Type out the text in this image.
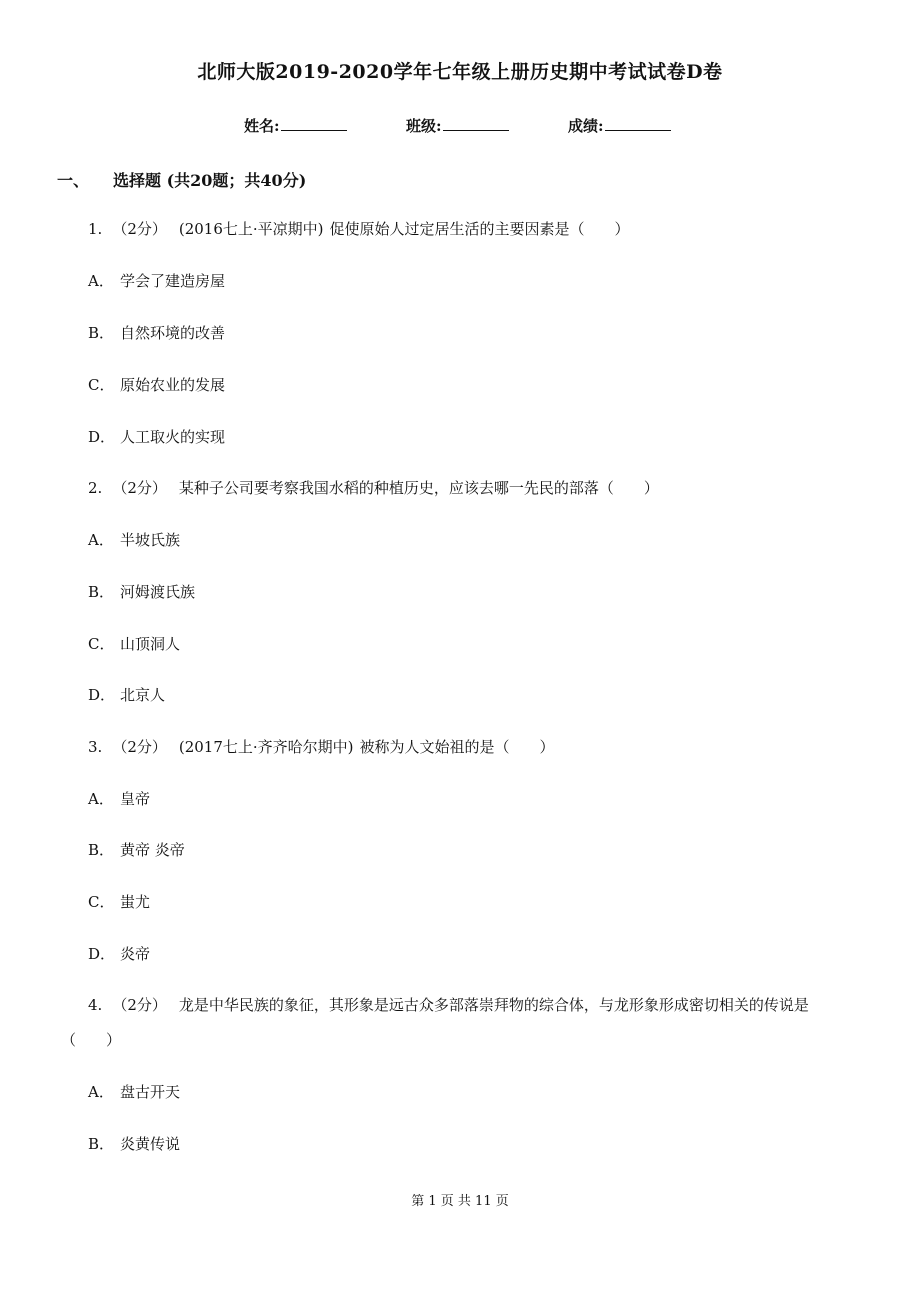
北师大版2019-2020学年七年级上册历史期中考试试卷D卷
姓名:	班级:	成绩:
一、 选择题 (共20题；共40分)
1. （2分） (2016七上·平凉期中) 促使原始人过定居生活的主要因素是（　　）
A． 学会了建造房屋
B． 自然环境的改善
C． 原始农业的发展
D． 人工取火的实现
2. （2分） 某种子公司要考察我国水稻的种植历史，应该去哪一先民的部落（　　）
A． 半坡氏族
B． 河姆渡氏族
C． 山顶洞人
D． 北京人
3. （2分） (2017七上·齐齐哈尔期中) 被称为人文始祖的是（　　）
A． 皇帝
B． 黄帝 炎帝
C． 蚩尤
D． 炎帝
4. （2分） 龙是中华民族的象征，其形象是远古众多部落崇拜物的综合体，与龙形象形成密切相关的传说是
（　　）
A． 盘古开天
B． 炎黄传说
第 1 页 共 11 页
